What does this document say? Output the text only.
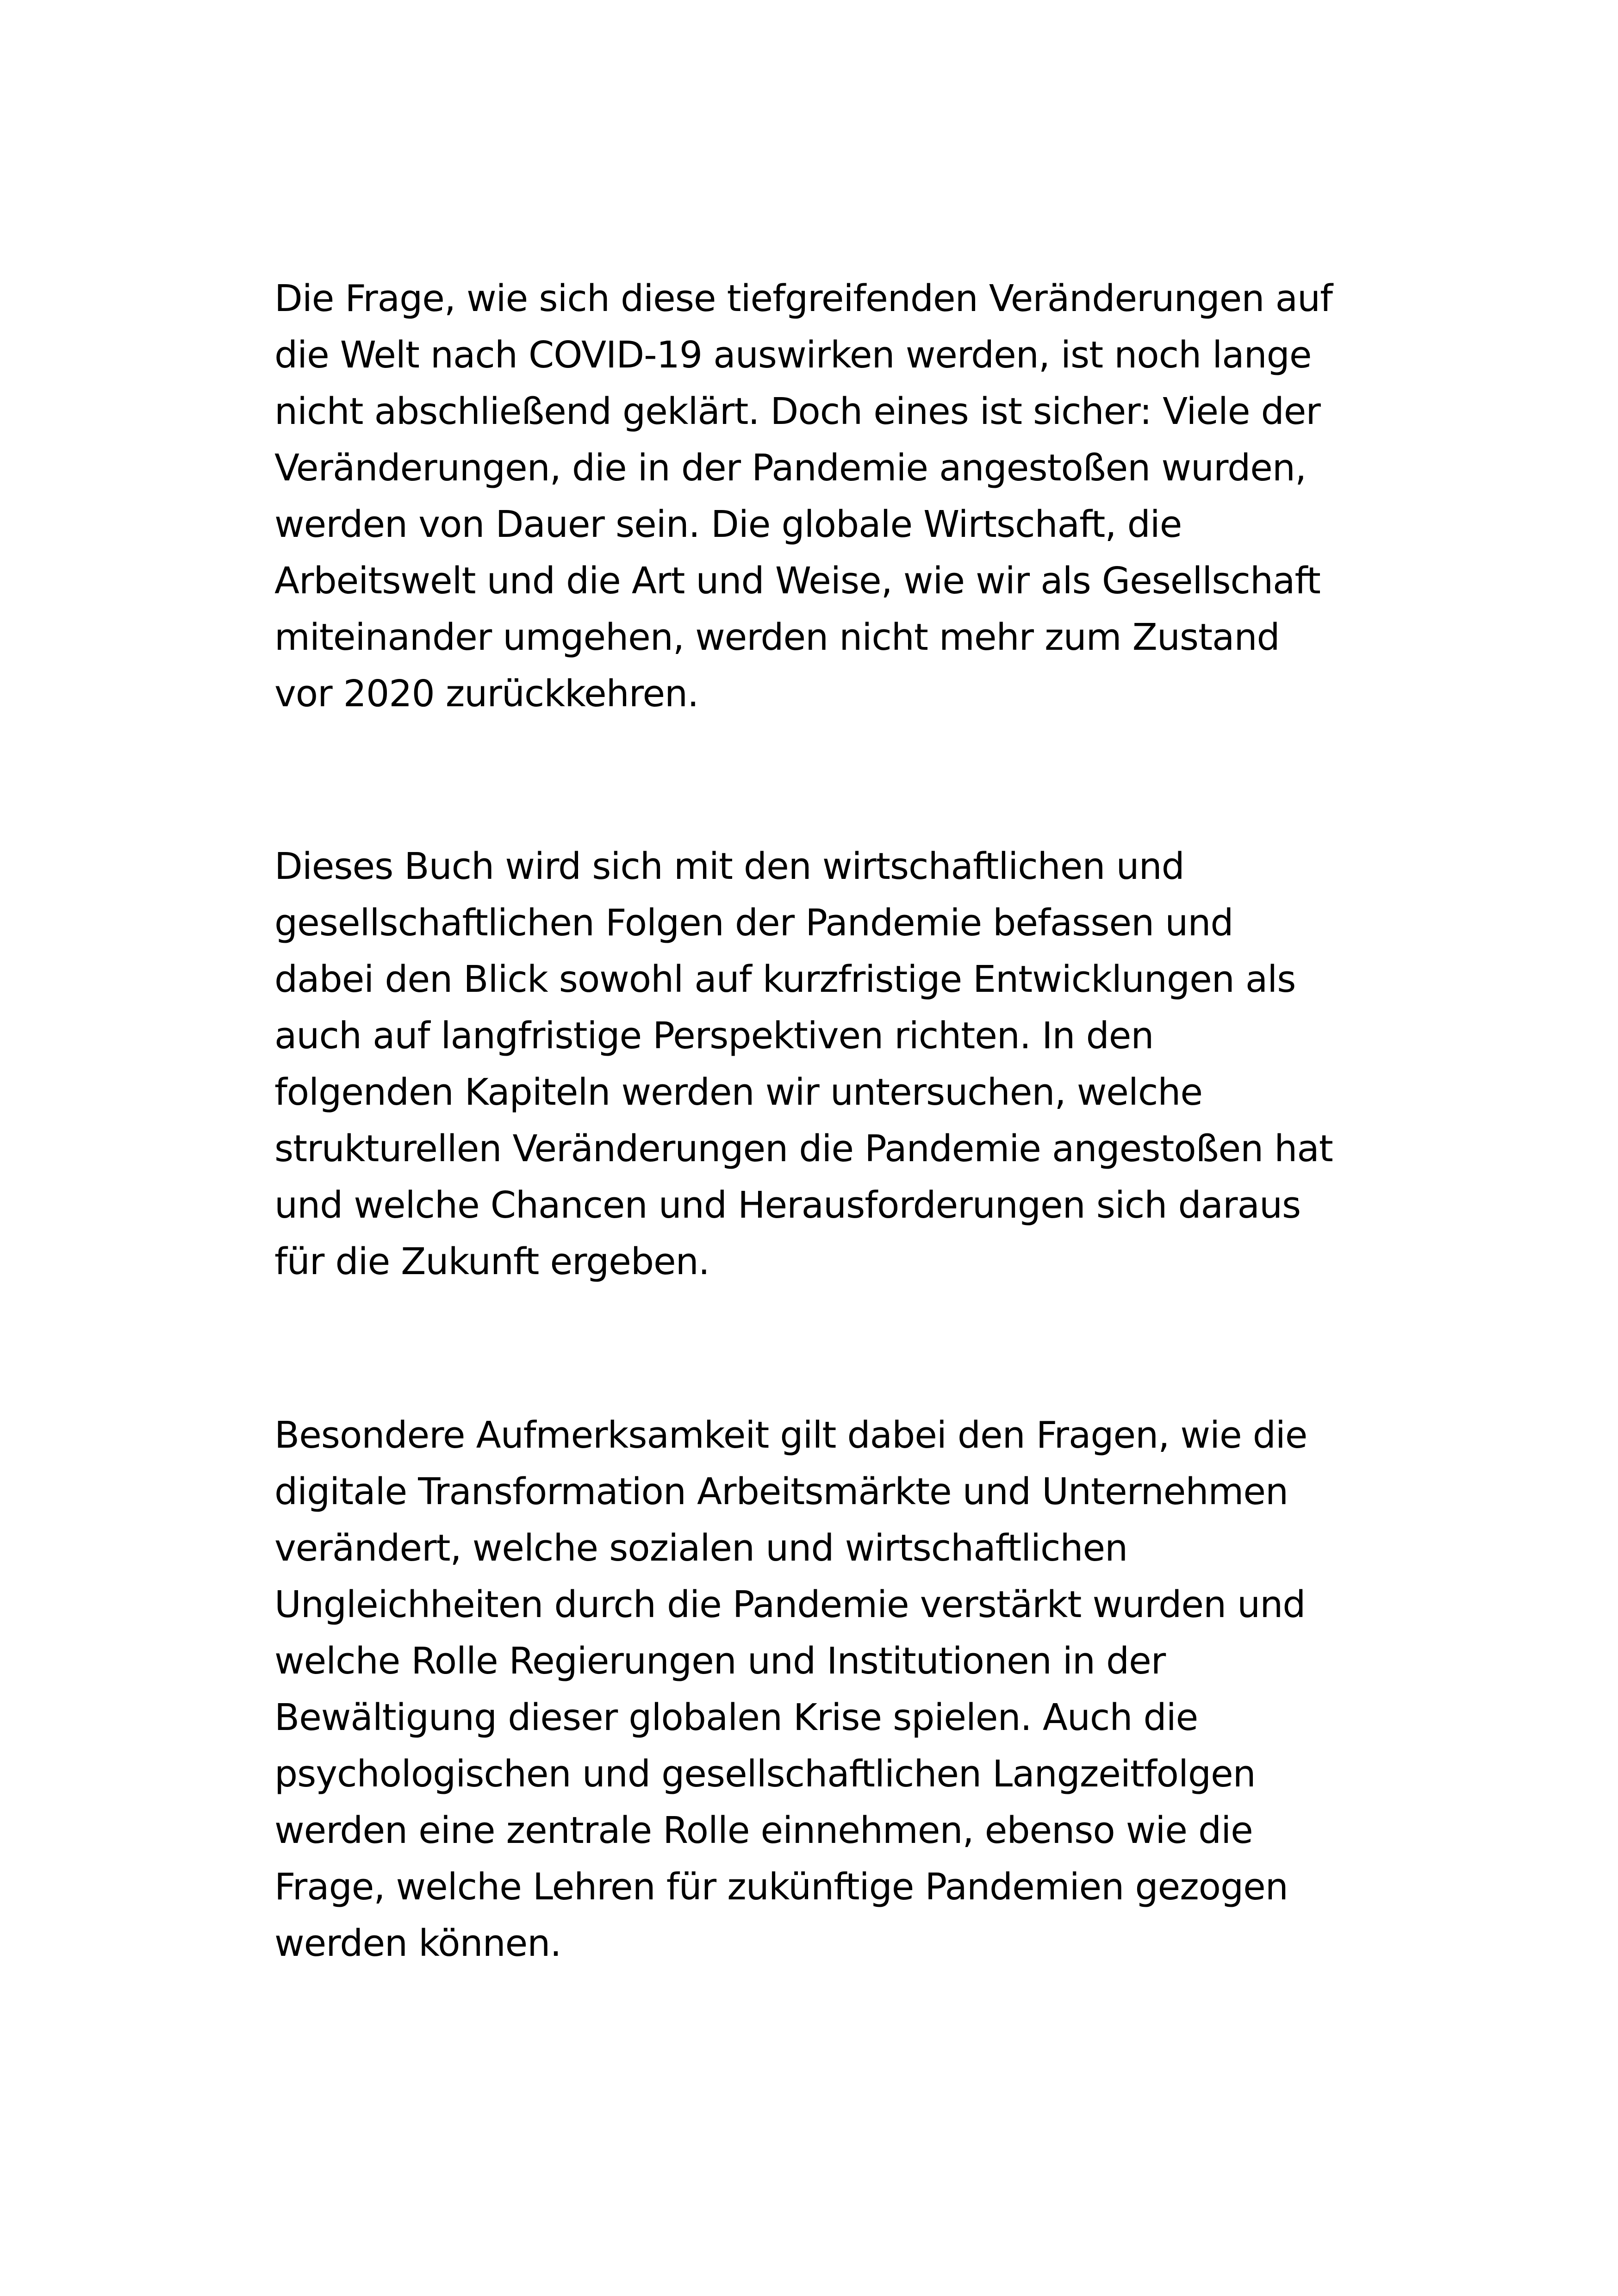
Die Frage, wie sich diese tiefgreifenden Veränderungen auf
die Welt nach COVID-19 auswirken werden, ist noch lange
nicht abschließend geklärt. Doch eines ist sicher: Viele der
Veränderungen, die in der Pandemie angestoßen wurden,
werden von Dauer sein. Die globale Wirtschaft, die
Arbeitswelt und die Art und Weise, wie wir als Gesellschaft
miteinander umgehen, werden nicht mehr zum Zustand
vor 2020 zurückkehren.
Dieses Buch wird sich mit den wirtschaftlichen und
gesellschaftlichen Folgen der Pandemie befassen und
dabei den Blick sowohl auf kurzfristige Entwicklungen als
auch auf langfristige Perspektiven richten. In den
folgenden Kapiteln werden wir untersuchen, welche
strukturellen Veränderungen die Pandemie angestoßen hat
und welche Chancen und Herausforderungen sich daraus
für die Zukunft ergeben.
Besondere Aufmerksamkeit gilt dabei den Fragen, wie die
digitale Transformation Arbeitsmärkte und Unternehmen
verändert, welche sozialen und wirtschaftlichen
Ungleichheiten durch die Pandemie verstärkt wurden und
welche Rolle Regierungen und Institutionen in der
Bewältigung dieser globalen Krise spielen. Auch die
psychologischen und gesellschaftlichen Langzeitfolgen
werden eine zentrale Rolle einnehmen, ebenso wie die
Frage, welche Lehren für zukünftige Pandemien gezogen
werden können.
